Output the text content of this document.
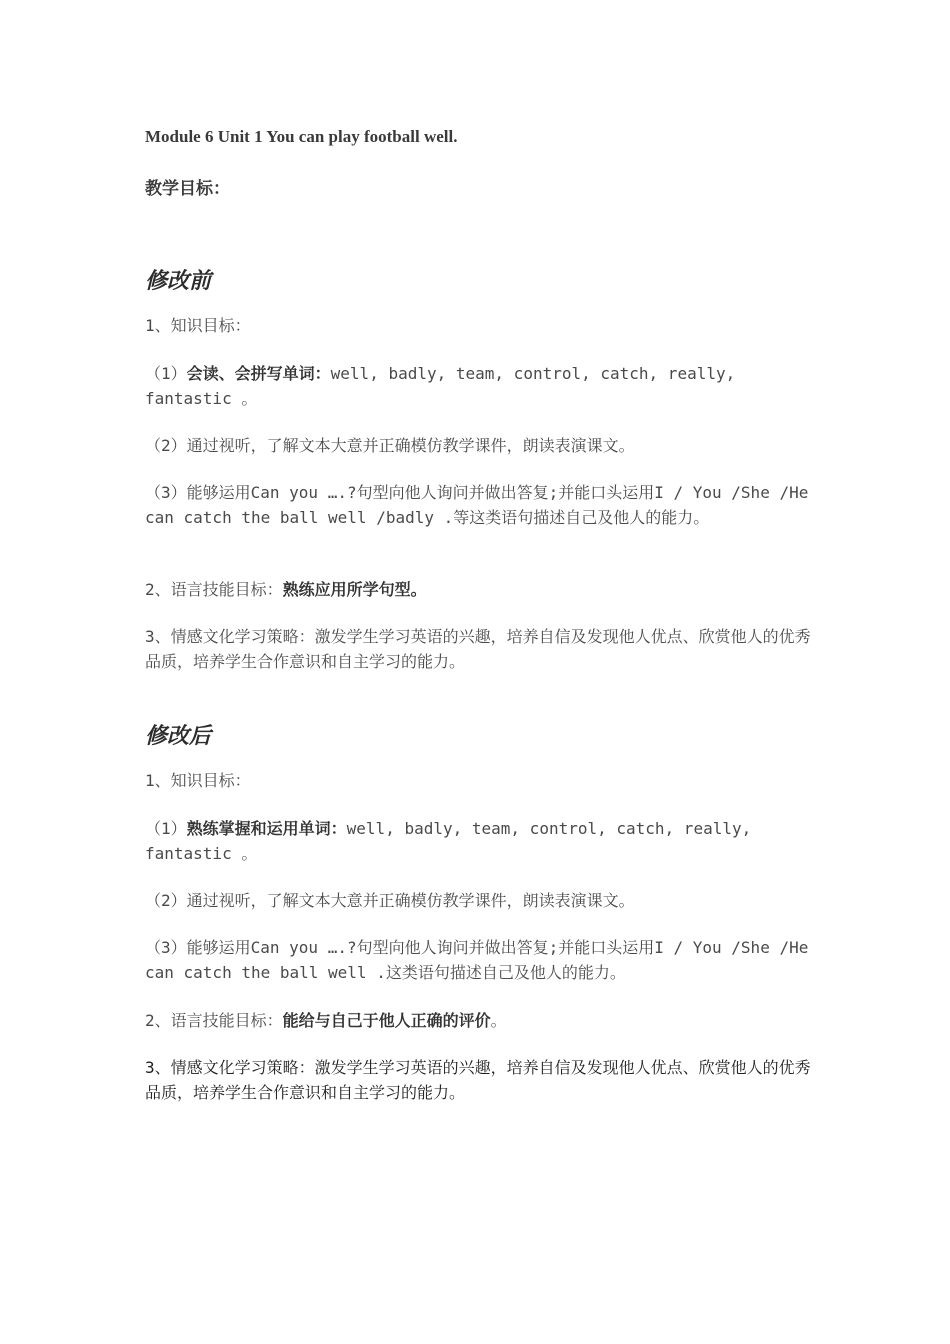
Module 6 Unit 1 You can play football well.
教学目标：
修改前
1、知识目标：
（1）会读、会拼写单词：well, badly, team, control, catch, really, fantastic 。
（2）通过视听，了解文本大意并正确模仿教学课件，朗读表演课文。
（3）能够运用Can you ….?句型向他人询问并做出答复;并能口头运用I / You /She /He can catch the ball well /badly .等这类语句描述自己及他人的能力。
2、语言技能目标：熟练应用所学句型。
3、情感文化学习策略：激发学生学习英语的兴趣，培养自信及发现他人优点、欣赏他人的优秀品质，培养学生合作意识和自主学习的能力。
修改后
1、知识目标：
（1）熟练掌握和运用单词：well, badly, team, control, catch, really, fantastic 。
（2）通过视听，了解文本大意并正确模仿教学课件，朗读表演课文。
（3）能够运用Can you ….?句型向他人询问并做出答复;并能口头运用I / You /She /He can catch the ball well .这类语句描述自己及他人的能力。
2、语言技能目标：能给与自己于他人正确的评价。
3、情感文化学习策略：激发学生学习英语的兴趣，培养自信及发现他人优点、欣赏他人的优秀品质，培养学生合作意识和自主学习的能力。
